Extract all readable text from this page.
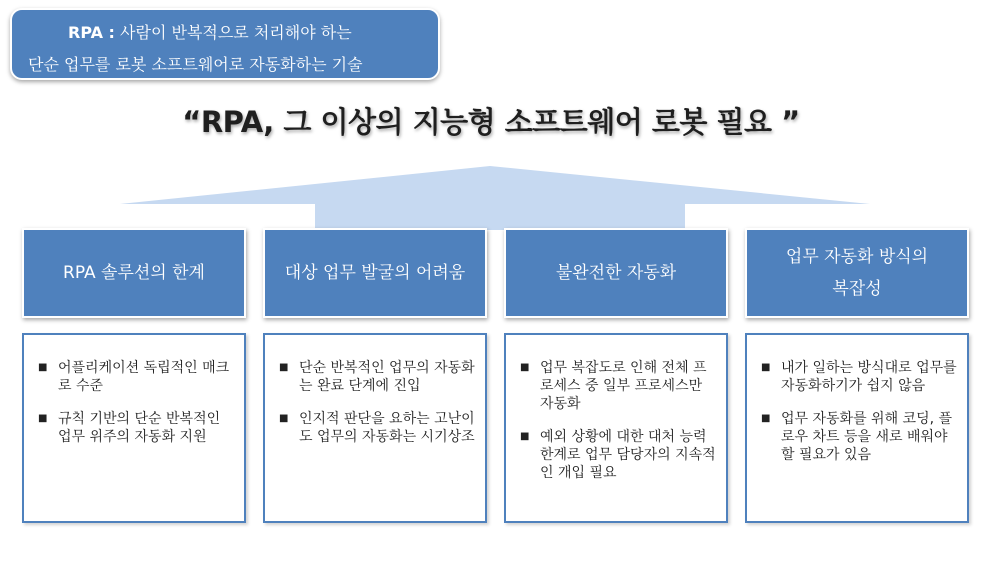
RPA : 사람이 반복적으로 처리해야 하는
단순 업무를 로봇 소프트웨어로 자동화하는 기술
“RPA, 그 이상의 지능형 소프트웨어 로봇 필요 ”
RPA 솔루션의 한계
■ 어플리케이션 독립적인 매크로 수준
■ 규칙 기반의 단순 반복적인 업무 위주의 자동화 지원
대상 업무 발굴의 어려움
■ 단순 반복적인 업무의 자동화는 완료 단계에 진입
■ 인지적 판단을 요하는 고난이도 업무의 자동화는 시기상조
불완전한 자동화
■ 업무 복잡도로 인해 전체 프로세스 중 일부 프로세스만 자동화
■ 예외 상황에 대한 대처 능력 한계로 업무 담당자의 지속적인 개입 필요
업무 자동화 방식의
복잡성
■ 내가 일하는 방식대로 업무를 자동화하기가 쉽지 않음
■ 업무 자동화를 위해 코딩, 플로우 차트 등을 새로 배워야 할 필요가 있음
